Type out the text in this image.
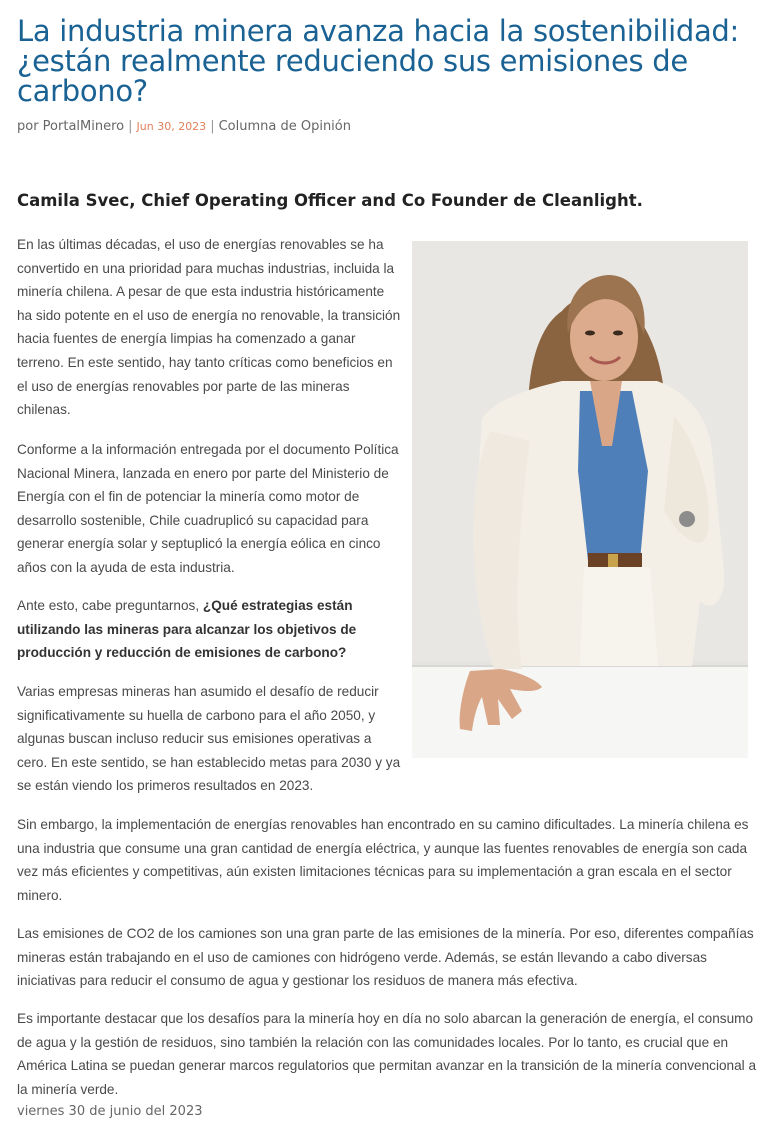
La industria minera avanza hacia la sostenibilidad: ¿están realmente reduciendo sus emisiones de carbono?
por PortalMinero | Jun 30, 2023 | Columna de Opinión
Camila Svec, Chief Operating Officer and Co Founder de Cleanlight.

En las últimas décadas, el uso de energías renovables se ha convertido en una prioridad para muchas industrias, incluida la minería chilena. A pesar de que esta industria históricamente ha sido potente en el uso de energía no renovable, la transición hacia fuentes de energía limpias ha comenzado a ganar terreno. En este sentido, hay tanto críticas como beneficios en el uso de energías renovables por parte de las mineras chilenas.

Conforme a la información entregada por el documento Política Nacional Minera, lanzada en enero por parte del Ministerio de Energía con el fin de potenciar la minería como motor de desarrollo sostenible, Chile cuadruplicó su capacidad para generar energía solar y septuplicó la energía eólica en cinco años con la ayuda de esta industria.

Ante esto, cabe preguntarnos, ¿Qué estrategias están utilizando las mineras para alcanzar los objetivos de producción y reducción de emisiones de carbono?

Varias empresas mineras han asumido el desafío de reducir significativamente su huella de carbono para el año 2050, y algunas buscan incluso reducir sus emisiones operativas a cero. En este sentido, se han establecido metas para 2030 y ya se están viendo los primeros resultados en 2023.

Sin embargo, la implementación de energías renovables han encontrado en su camino dificultades. La minería chilena es una industria que consume una gran cantidad de energía eléctrica, y aunque las fuentes renovables de energía son cada vez más eficientes y competitivas, aún existen limitaciones técnicas para su implementación a gran escala en el sector minero.

Las emisiones de CO2 de los camiones son una gran parte de las emisiones de la minería. Por eso, diferentes compañías mineras están trabajando en el uso de camiones con hidrógeno verde. Además, se están llevando a cabo diversas iniciativas para reducir el consumo de agua y gestionar los residuos de manera más efectiva.

Es importante destacar que los desafíos para la minería hoy en día no solo abarcan la generación de energía, el consumo de agua y la gestión de residuos, sino también la relación con las comunidades locales. Por lo tanto, es crucial que en América Latina se puedan generar marcos regulatorios que permitan avanzar en la transición de la minería convencional a la minería verde.

viernes 30 de junio del 2023
